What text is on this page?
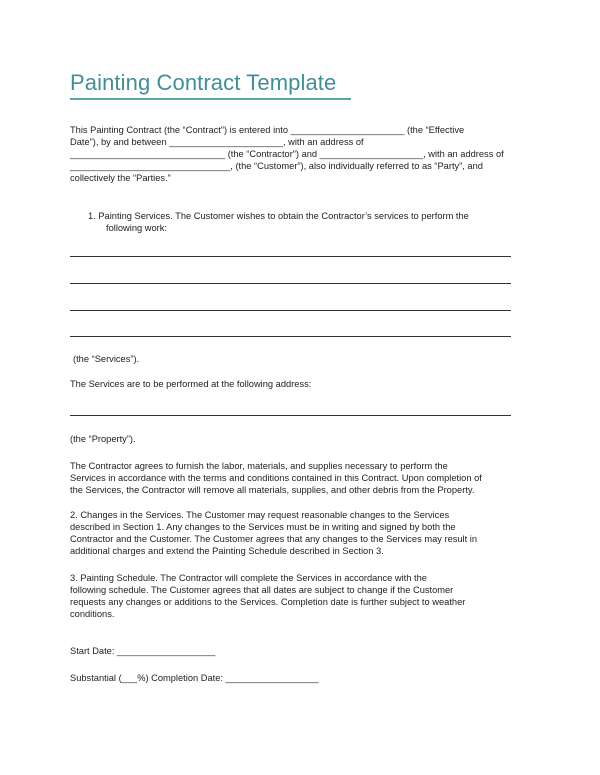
Painting Contract Template
This Painting Contract (the “Contract”) is entered into ______________________ (the “Effective
Date”), by and between ______________________, with an address of
______________________________ (the “Contractor”) and ____________________, with an address of
_______________________________, (the “Customer”), also individually referred to as “Party”, and
collectively the “Parties.”
1. Painting Services. The Customer wishes to obtain the Contractor’s services to perform the
following work:
(the “Services”).
The Services are to be performed at the following address:
(the “Property”).
The Contractor agrees to furnish the labor, materials, and supplies necessary to perform the
Services in accordance with the terms and conditions contained in this Contract. Upon completion of
the Services, the Contractor will remove all materials, supplies, and other debris from the Property.
2. Changes in the Services. The Customer may request reasonable changes to the Services
described in Section 1. Any changes to the Services must be in writing and signed by both the
Contractor and the Customer. The Customer agrees that any changes to the Services may result in
additional charges and extend the Painting Schedule described in Section 3.
3. Painting Schedule. The Contractor will complete the Services in accordance with the
following schedule. The Customer agrees that all dates are subject to change if the Customer
requests any changes or additions to the Services. Completion date is further subject to weather
conditions.
Start Date: ___________________
Substantial (___%) Completion Date: __________________
